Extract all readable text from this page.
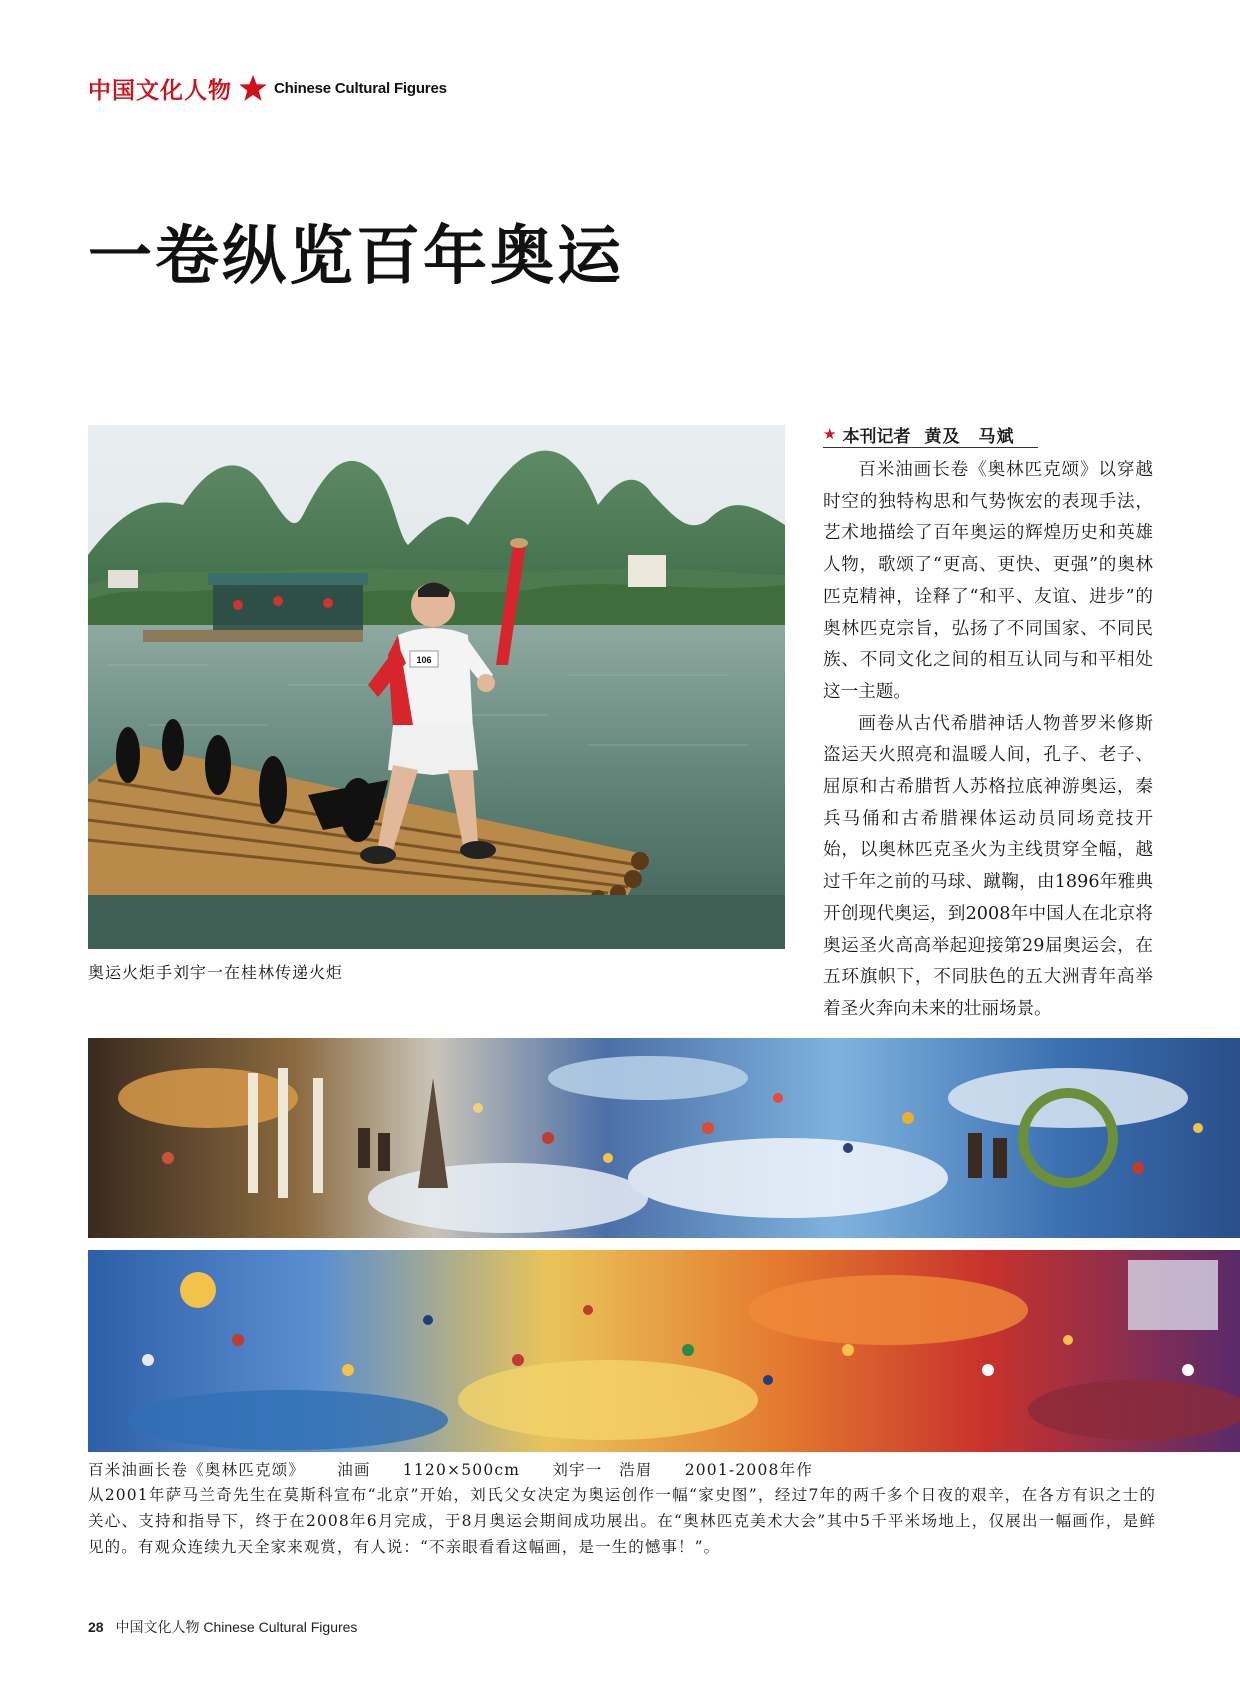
中国文化人物	Chinese Cultural Figures
一卷纵览百年奥运
106
奥运火炬手刘宇一在桂林传递火炬
★ 本刊记者 黄及　马斌

百米油画长卷《奥林匹克颂》以穿越时空的独特构思和气势恢宏的表现手法，艺术地描绘了百年奥运的辉煌历史和英雄人物，歌颂了“更高、更快、更强”的奥林匹克精神，诠释了“和平、友谊、进步”的奥林匹克宗旨，弘扬了不同国家、不同民族、不同文化之间的相互认同与和平相处这一主题。

画卷从古代希腊神话人物普罗米修斯盗运天火照亮和温暖人间，孔子、老子、屈原和古希腊哲人苏格拉底神游奥运，秦兵马俑和古希腊裸体运动员同场竞技开始，以奥林匹克圣火为主线贯穿全幅，越过千年之前的马球、蹴鞠，由1896年雅典开创现代奥运，到2008年中国人在北京将奥运圣火高高举起迎接第29届奥运会，在五环旗帜下，不同肤色的五大洲青年高举着圣火奔向未来的壮丽场景。

百米油画长卷《奥林匹克颂》 油画 1120×500cm 刘宇一　浩眉 2001-2008年作
从2001年萨马兰奇先生在莫斯科宣布“北京”开始，刘氏父女决定为奥运创作一幅“家史图”，经过7年的两千多个日夜的艰辛，在各方有识之士的关心、支持和指导下，终于在2008年6月完成，于8月奥运会期间成功展出。在“奥林匹克美术大会”其中5千平米场地上，仅展出一幅画作，是鲜见的。有观众连续九天全家来观赏，有人说：“不亲眼看看这幅画，是一生的憾事！”。
28 中国文化人物 Chinese Cultural Figures
